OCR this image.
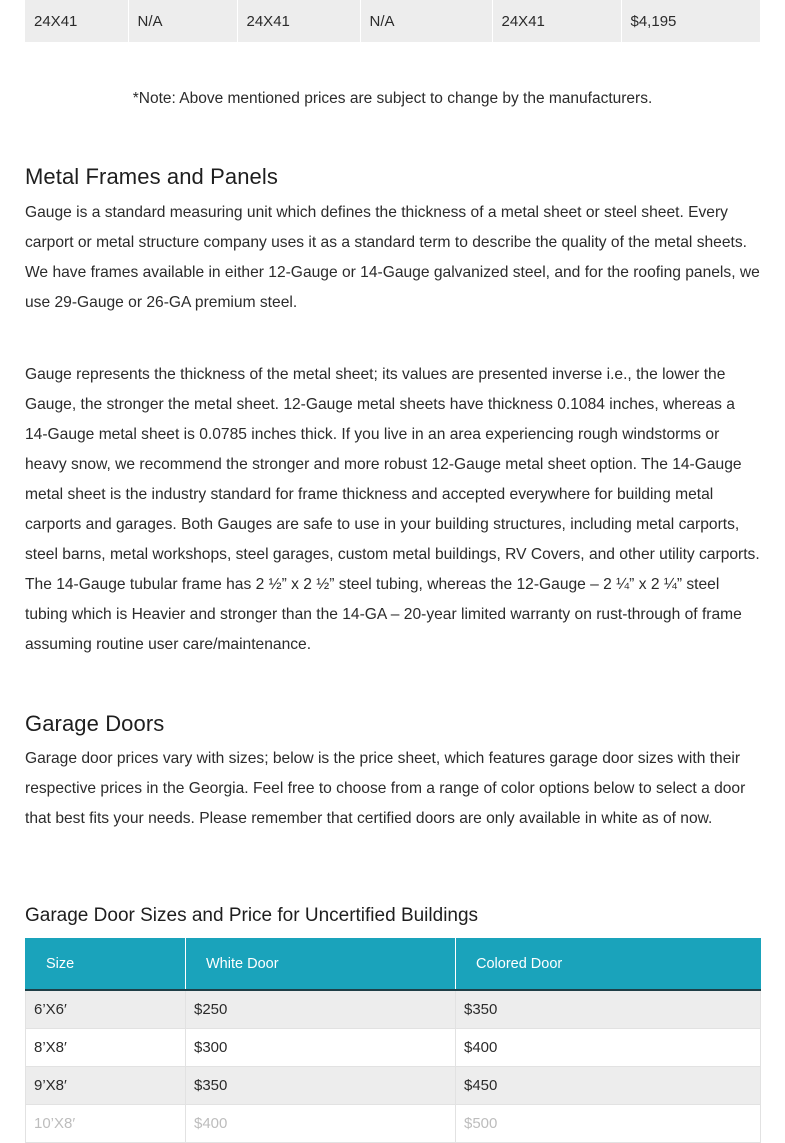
24X41	N/A	24X41	N/A	24X41	$4,195
*Note: Above mentioned prices are subject to change by the manufacturers.
Metal Frames and Panels

Gauge is a standard measuring unit which defines the thickness of a metal sheet or steel sheet. Every carport or metal structure company uses it as a standard term to describe the quality of the metal sheets. We have frames available in either 12-Gauge or 14-Gauge galvanized steel, and for the roofing panels, we use 29-Gauge or 26-GA premium steel.

Gauge represents the thickness of the metal sheet; its values are presented inverse i.e., the lower the Gauge, the stronger the metal sheet. 12-Gauge metal sheets have thickness 0.1084 inches, whereas a 14-Gauge metal sheet is 0.0785 inches thick. If you live in an area experiencing rough windstorms or heavy snow, we recommend the stronger and more robust 12-Gauge metal sheet option. The 14-Gauge metal sheet is the industry standard for frame thickness and accepted everywhere for building metal carports and garages. Both Gauges are safe to use in your building structures, including metal carports, steel barns, metal workshops, steel garages, custom metal buildings, RV Covers, and other utility carports. The 14-Gauge tubular frame has 2 ½” x 2 ½” steel tubing, whereas the 12-Gauge – 2 ¼” x 2 ¼” steel tubing which is Heavier and stronger than the 14-GA – 20-year limited warranty on rust-through of frame assuming routine user care/maintenance.

Garage Doors

Garage door prices vary with sizes; below is the price sheet, which features garage door sizes with their respective prices in the Georgia. Feel free to choose from a range of color options below to select a door that best fits your needs. Please remember that certified doors are only available in white as of now.

Garage Door Sizes and Price for Uncertified Buildings
Size	White Door	Colored Door
6’X6′	$250	$350
8’X8′	$300	$400
9’X8′	$350	$450
10’X8′	$400	$500
